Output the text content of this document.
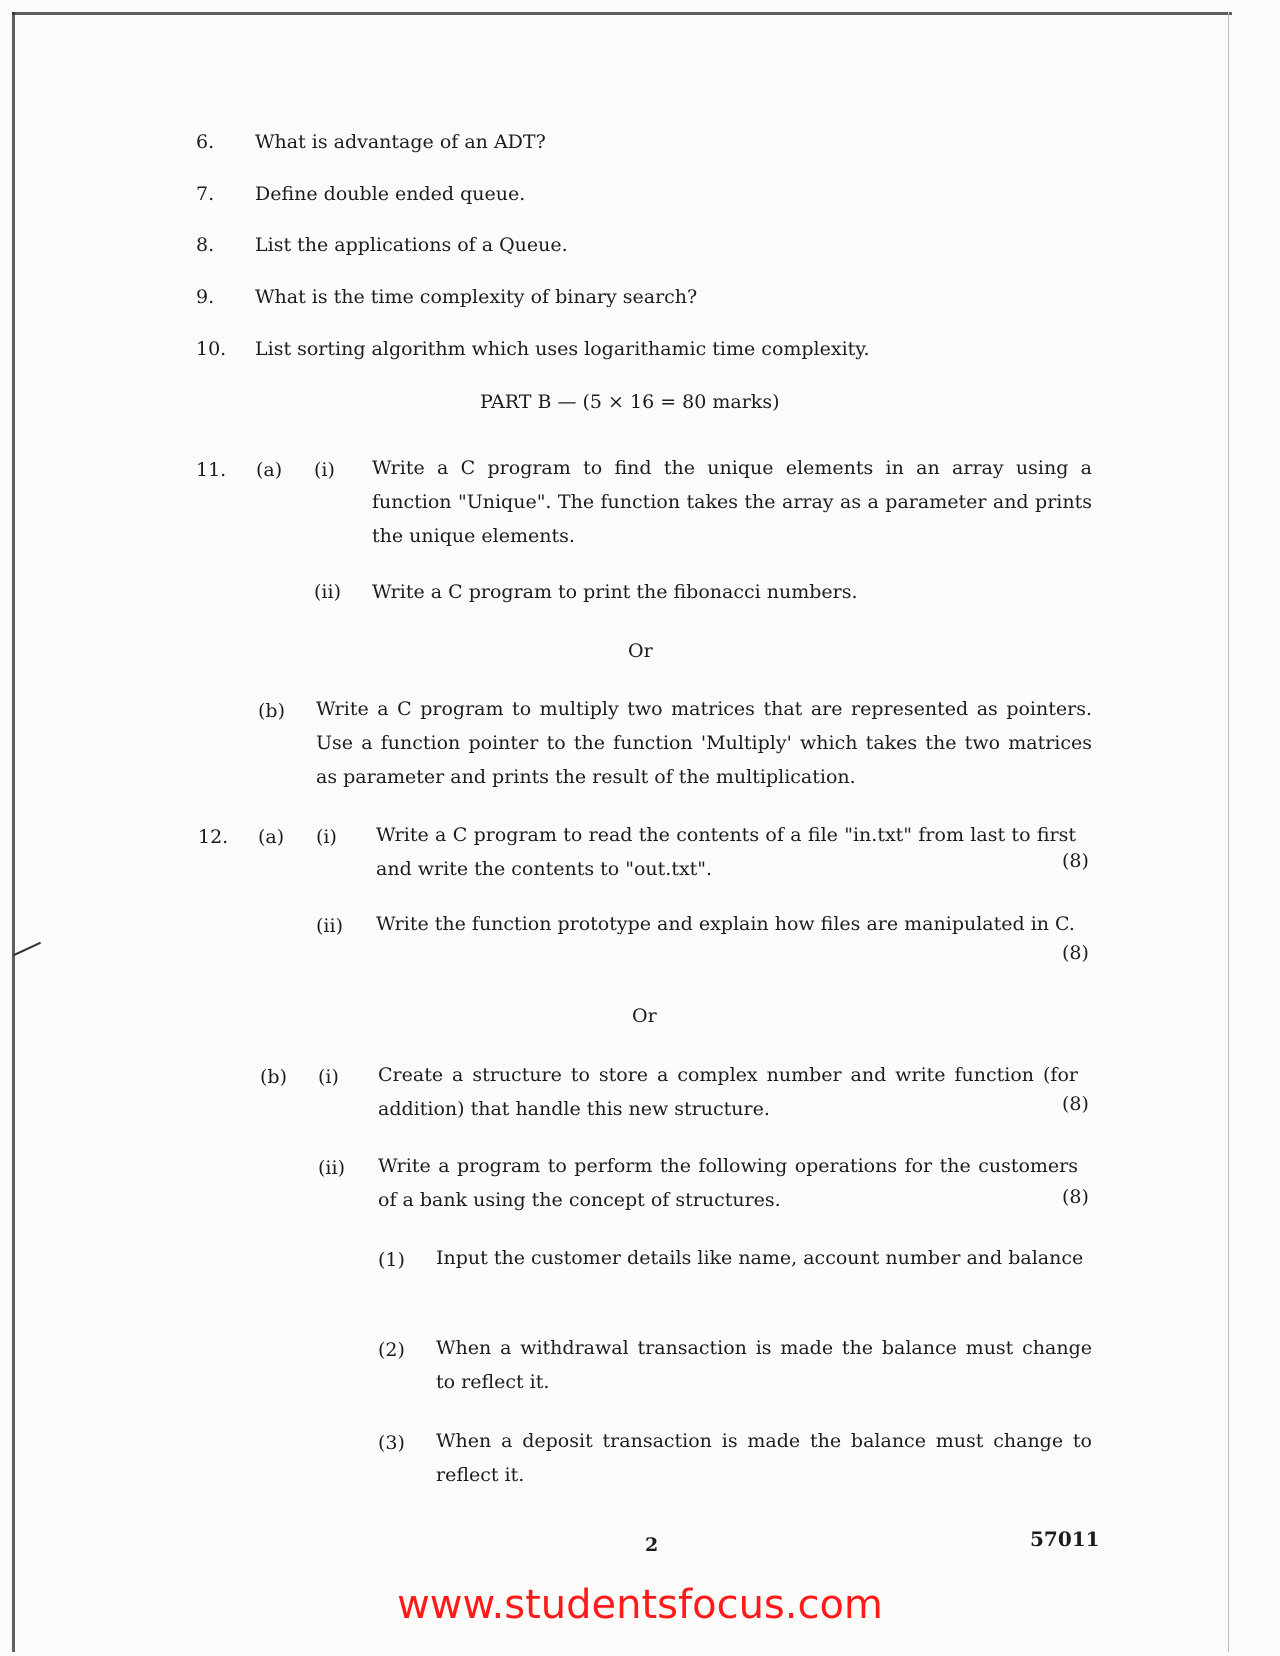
6. What is advantage of an ADT?
7. Define double ended queue.
8. List the applications of a Queue.
9. What is the time complexity of binary search?
10. List sorting algorithm which uses logarithamic time complexity.
PART B — (5 × 16 = 80 marks)
11. (a) (i) Write a C program to find the unique elements in an array using a function "Unique". The function takes the array as a parameter and prints the unique elements.
(ii) Write a C program to print the fibonacci numbers.
Or
(b) Write a C program to multiply two matrices that are represented as pointers. Use a function pointer to the function 'Multiply' which takes the two matrices as parameter and prints the result of the multiplication.
12. (a) (i) Write a C program to read the contents of a file "in.txt" from last to first and write the contents to "out.txt".	(8)
(ii) Write the function prototype and explain how files are manipulated in C.
(8)
Or
(b) (i) Create a structure to store a complex number and write function (for addition) that handle this new structure.	(8)
(ii) Write a program to perform the following operations for the customers of a bank using the concept of structures.	(8)
(1) Input the customer details like name, account number and balance
(2) When a withdrawal transaction is made the balance must change to reflect it.
(3) When a deposit transaction is made the balance must change to reflect it.
2	57011
www.studentsfocus.com
